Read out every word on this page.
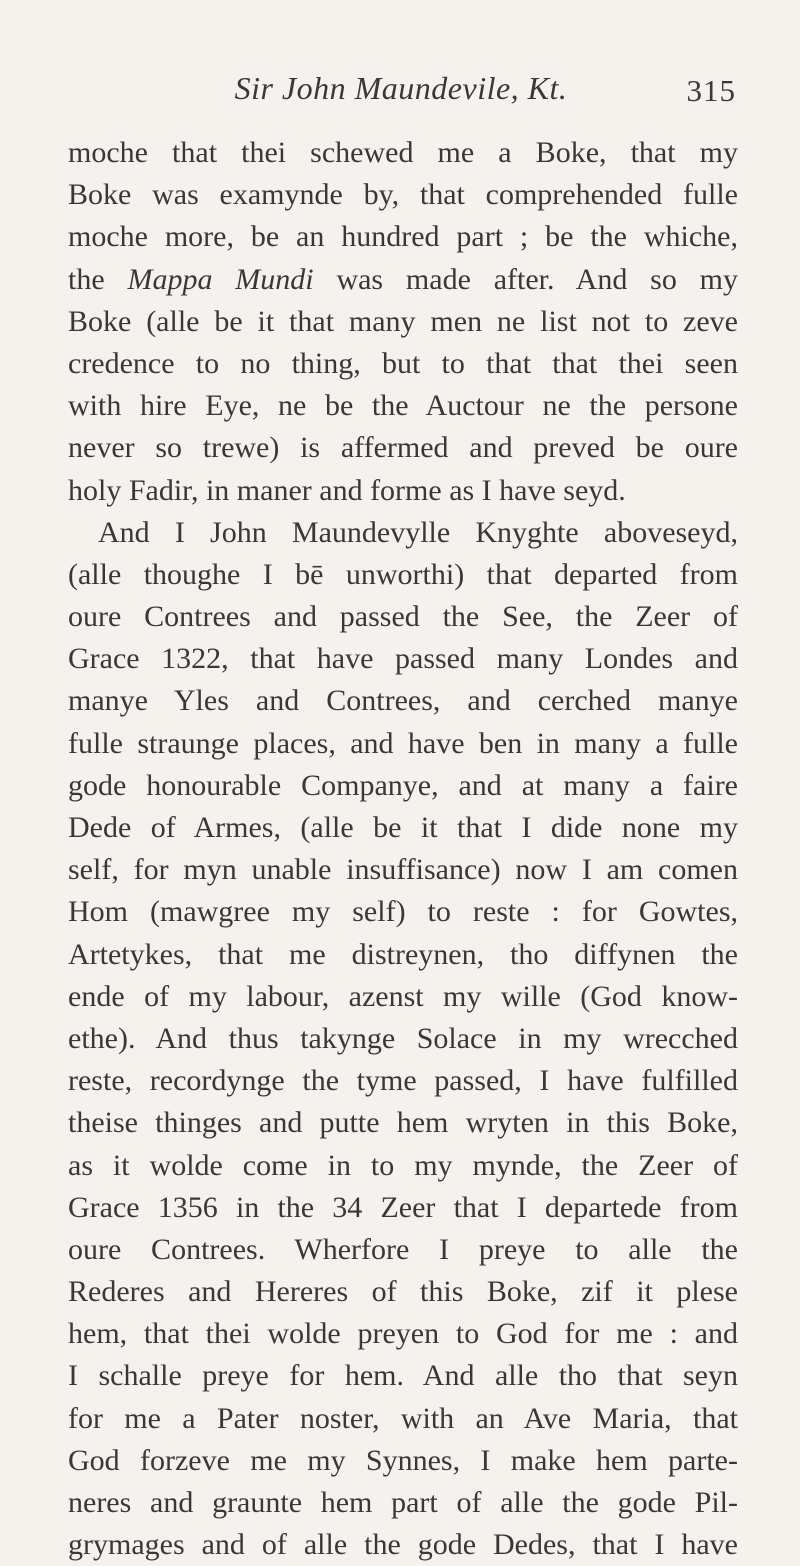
Sir John Maundevile, Kt.	315
moche that thei schewed me a Boke, that my
Boke was examynde by, that comprehended fulle
moche more, be an hundred part ; be the whiche,
the Mappa Mundi was made after. And so my
Boke (alle be it that many men ne list not to zeve
credence to no thing, but to that that thei seen
with hire Eye, ne be the Auctour ne the persone
never so trewe) is affermed and preved be oure
holy Fadir, in maner and forme as I have seyd.
And I John Maundevylle Knyghte aboveseyd,
(alle thoughe I bē unworthi) that departed from
oure Contrees and passed the See, the Zeer of
Grace 1322, that have passed many Londes and
manye Yles and Contrees, and cerched manye
fulle straunge places, and have ben in many a fulle
gode honourable Companye, and at many a faire
Dede of Armes, (alle be it that I dide none my
self, for myn unable insuffisance) now I am comen
Hom (mawgree my self) to reste : for Gowtes,
Artetykes, that me distreynen, tho diffynen the
ende of my labour, azenst my wille (God know-
ethe). And thus takynge Solace in my wrecched
reste, recordynge the tyme passed, I have fulfilled
theise thinges and putte hem wryten in this Boke,
as it wolde come in to my mynde, the Zeer of
Grace 1356 in the 34 Zeer that I departede from
oure Contrees. Wherfore I preye to alle the
Rederes and Hereres of this Boke, zif it plese
hem, that thei wolde preyen to God for me : and
I schalle preye for hem. And alle tho that seyn
for me a Pater noster, with an Ave Maria, that
God forzeve me my Synnes, I make hem parte-
neres and graunte hem part of alle the gode Pil-
grymages and of alle the gode Dedes, that I have
